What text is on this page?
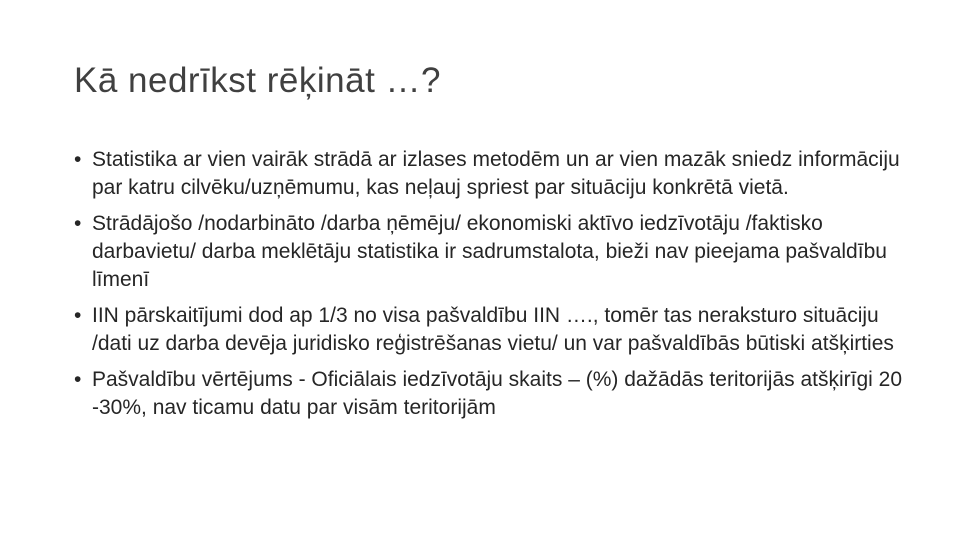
Kā nedrīkst rēķināt …?
• Statistika ar vien vairāk strādā ar izlases metodēm un ar vien mazāk sniedz informāciju par katru cilvēku/uzņēmumu, kas neļauj spriest par situāciju konkrētā vietā.
• Strādājošo /nodarbināto /darba ņēmēju/ ekonomiski aktīvo iedzīvotāju /faktisko darbavietu/ darba meklētāju statistika ir sadrumstalota, bieži nav pieejama pašvaldību līmenī
• IIN pārskaitījumi dod ap 1/3 no visa pašvaldību IIN …., tomēr tas neraksturo situāciju /dati uz darba devēja juridisko reģistrēšanas vietu/ un var pašvaldībās būtiski atšķirties
• Pašvaldību vērtējums - Oficiālais iedzīvotāju skaits – (%) dažādās teritorijās atšķirīgi 20 -30%, nav ticamu datu par visām teritorijām
